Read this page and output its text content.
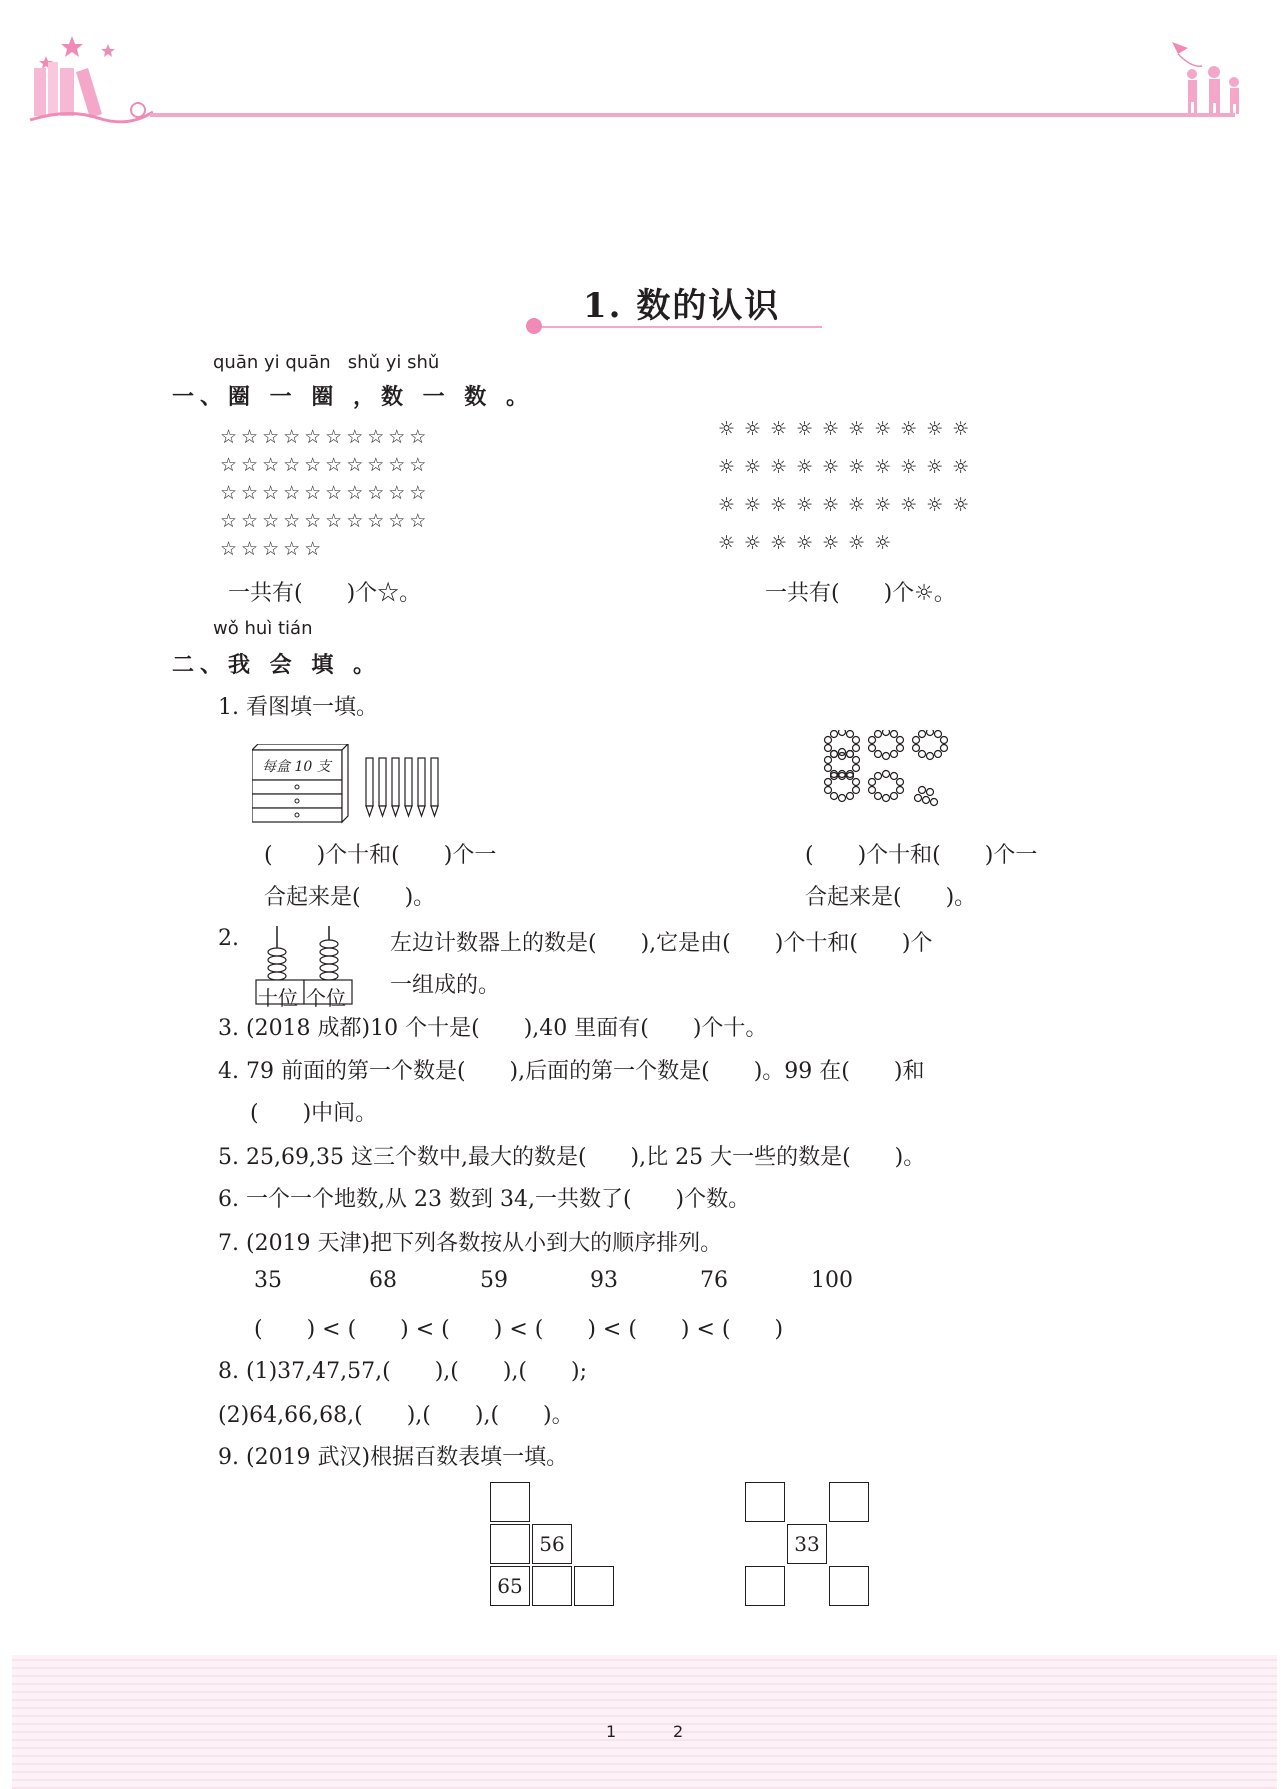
1. 数的认识
quān yi quān   shǔ yi shǔ
一、圈 一 圈 ，数 一 数 。
☆☆☆☆☆☆☆☆☆☆
☆☆☆☆☆☆☆☆☆☆
☆☆☆☆☆☆☆☆☆☆
☆☆☆☆☆☆☆☆☆☆
☆☆☆☆☆
☼☼☼☼☼☼☼☼☼☼
☼☼☼☼☼☼☼☼☼☼
☼☼☼☼☼☼☼☼☼☼
☼☼☼☼☼☼☼
一共有(　　)个☆。	一共有(　　)个☼。
wǒ huì tián
二、我 会 填 。
1. 看图填一填。
每盒 10 支
(　　)个十和(　　)个一
合起来是(　　)。
(　　)个十和(　　)个一
合起来是(　　)。
2.
十位 个位
左边计数器上的数是(　　),它是由(　　)个十和(　　)个
一组成的。
3. (2018 成都)10 个十是(　　),40 里面有(　　)个十。
4. 79 前面的第一个数是(　　),后面的第一个数是(　　)。99 在(　　)和
(　　)中间。
5. 25,69,35 这三个数中,最大的数是(　　),比 25 大一些的数是(　　)。
6. 一个一个地数,从 23 数到 34,一共数了(　　)个数。
7. (2019 天津)把下列各数按从小到大的顺序排列。
35	68	59	93	76	100
(　　) < (　　) < (　　) < (　　) < (　　) < (　　)
8. (1)37,47,57,(　　),(　　),(　　);
(2)64,66,68,(　　),(　　),(　　)。
9. (2019 武汉)根据百数表填一填。
56
65
33
1	2
